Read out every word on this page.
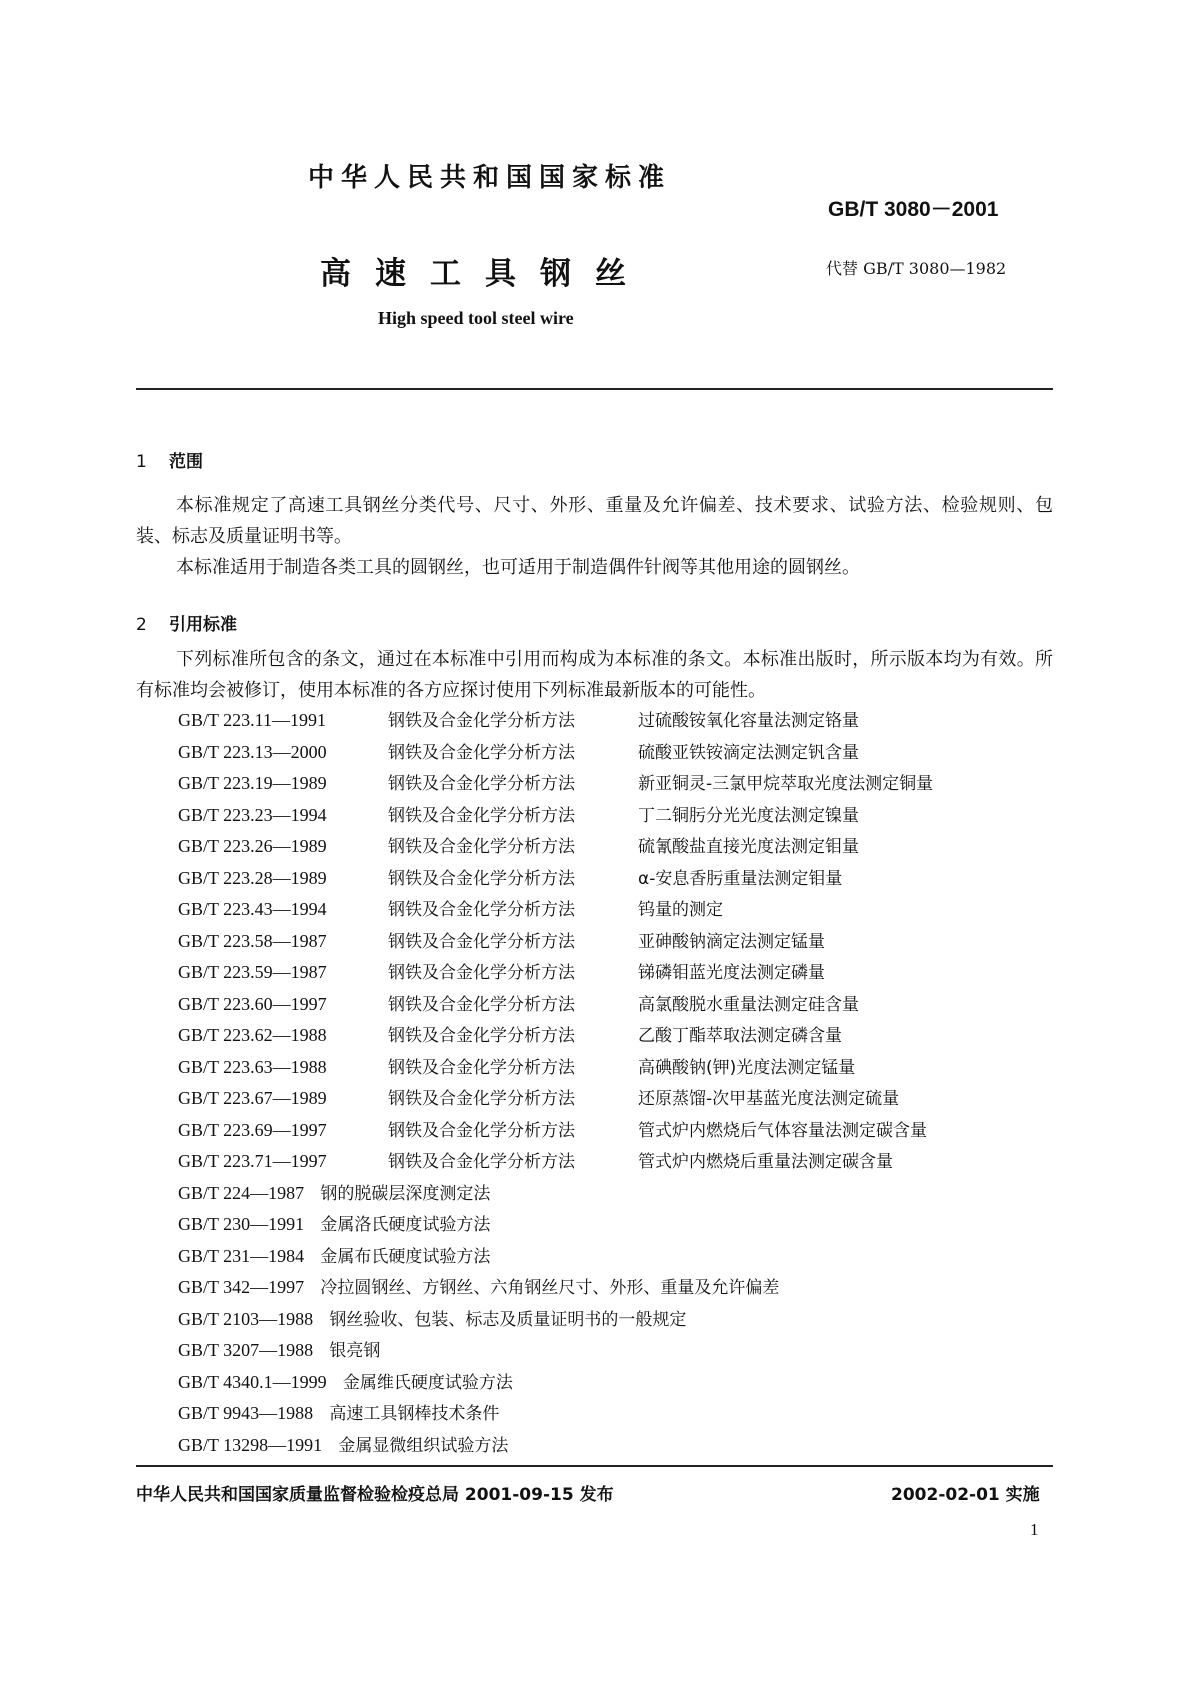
中华人民共和国国家标准
GB/T 3080－2001
高速工具钢丝	代替 GB/T 3080—1982
High speed tool steel wire
1 范围
本标准规定了高速工具钢丝分类代号、尺寸、外形、重量及允许偏差、技术要求、试验方法、检验规则、包装、标志及质量证明书等。
本标准适用于制造各类工具的圆钢丝，也可适用于制造偶件针阀等其他用途的圆钢丝。
2 引用标准
下列标准所包含的条文，通过在本标准中引用而构成为本标准的条文。本标准出版时，所示版本均为有效。所有标准均会被修订，使用本标准的各方应探讨使用下列标准最新版本的可能性。
GB/T 223.11—1991	钢铁及合金化学分析方法	过硫酸铵氧化容量法测定铬量
GB/T 223.13—2000	钢铁及合金化学分析方法	硫酸亚铁铵滴定法测定钒含量
GB/T 223.19—1989	钢铁及合金化学分析方法	新亚铜灵-三氯甲烷萃取光度法测定铜量
GB/T 223.23—1994	钢铁及合金化学分析方法	丁二铜肟分光光度法测定镍量
GB/T 223.26—1989	钢铁及合金化学分析方法	硫氰酸盐直接光度法测定钼量
GB/T 223.28—1989	钢铁及合金化学分析方法	α-安息香肟重量法测定钼量
GB/T 223.43—1994	钢铁及合金化学分析方法	钨量的测定
GB/T 223.58—1987	钢铁及合金化学分析方法	亚砷酸钠滴定法测定锰量
GB/T 223.59—1987	钢铁及合金化学分析方法	锑磷钼蓝光度法测定磷量
GB/T 223.60—1997	钢铁及合金化学分析方法	高氯酸脱水重量法测定硅含量
GB/T 223.62—1988	钢铁及合金化学分析方法	乙酸丁酯萃取法测定磷含量
GB/T 223.63—1988	钢铁及合金化学分析方法	高碘酸钠(钾)光度法测定锰量
GB/T 223.67—1989	钢铁及合金化学分析方法	还原蒸馏-次甲基蓝光度法测定硫量
GB/T 223.69—1997	钢铁及合金化学分析方法	管式炉内燃烧后气体容量法测定碳含量
GB/T 223.71—1997	钢铁及合金化学分析方法	管式炉内燃烧后重量法测定碳含量
GB/T 224—1987 钢的脱碳层深度测定法
GB/T 230—1991 金属洛氏硬度试验方法
GB/T 231—1984 金属布氏硬度试验方法
GB/T 342—1997 冷拉圆钢丝、方钢丝、六角钢丝尺寸、外形、重量及允许偏差
GB/T 2103—1988 钢丝验收、包装、标志及质量证明书的一般规定
GB/T 3207—1988 银亮钢
GB/T 4340.1—1999 金属维氏硬度试验方法
GB/T 9943—1988 高速工具钢棒技术条件
GB/T 13298—1991 金属显微组织试验方法
中华人民共和国国家质量监督检验检疫总局 2001-09-15 发布	2002-02-01 实施
1
